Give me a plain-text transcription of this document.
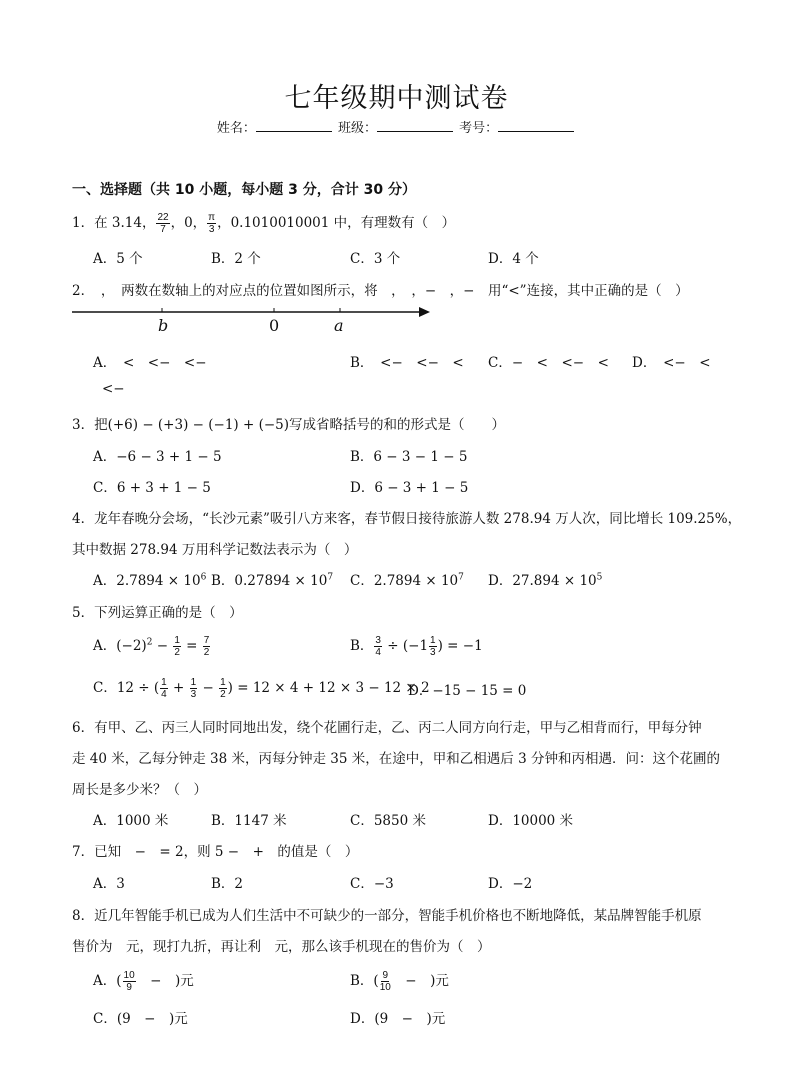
七年级期中测试卷
姓名：	班级：	考号：
一、选择题（共 10 小题，每小题 3 分，合计 30 分）
1．在 3.14， $\frac{22}{7}$ ，0， $\frac{\pi}{3}$ ，0.1010010001 中，有理数有（　）
A．5 个	B．2 个	C．3 个	D．4 个
2．　，　两数在数轴上的对应点的位置如图所示，将　，　，−　，−　用“<”连接，其中正确的是（　）
b	0	a
A．　<　<−　<−
<−
B．　<−　<−　< C．−　<　<−　< D．　<−　<
3．把(+6) − (+3) − (−1) + (−5)写成省略括号的和的形式是（　　）
A．−6 − 3 + 1 − 5	B．6 − 3 − 1 − 5
C．6 + 3 + 1 − 5	D．6 − 3 + 1 − 5
4．龙年春晚分会场，“长沙元素”吸引八方来客，春节假日接待旅游人数 278.94 万人次，同比增长 109.25%，
其中数据 278.94 万用科学记数法表示为（　）
A．$2.7894 \times 10^6$ B．$0.27894 \times 10^7$ C．$2.7894 \times 10^7$ D．$27.894 \times 10^5$
5．下列运算正确的是（　）
A．$(-2)^2 - \frac{1}{2} = \frac{7}{2}$	B． $\frac{3}{4} \div (-1 \frac{1}{3}$ ) = −1
C．12 ÷ ( $\frac{1}{4} + \frac{1}{3} - \frac{1}{2}$ ) = 12 × 4 + 12 × 3 − 12 × 2
D．−15 − 15 = 0
6．有甲、乙、丙三人同时同地出发，绕个花圃行走，乙、丙二人同方向行走，甲与乙相背而行，甲每分钟
走 40 米，乙每分钟走 38 米，丙每分钟走 35 米，在途中，甲和乙相遇后 3 分钟和丙相遇．问：这个花圃的
周长是多少米？（　）
A．1000 米	B．1147 米	C．5850 米	D．10000 米
7．已知　−　= 2，则 5 −　+　的值是（　）
A．3	B．2	C．−3	D．−2
8．近几年智能手机已成为人们生活中不可缺少的一部分，智能手机价格也不断地降低，某品牌智能手机原
售价为　元，现打九折，再让利　元，那么该手机现在的售价为（　）
A．( $\frac{10}{9}$ 　−　)元	B．( $\frac{9}{10}$ 　−　)元
C．(9　−　)元	D．(9　−　)元
